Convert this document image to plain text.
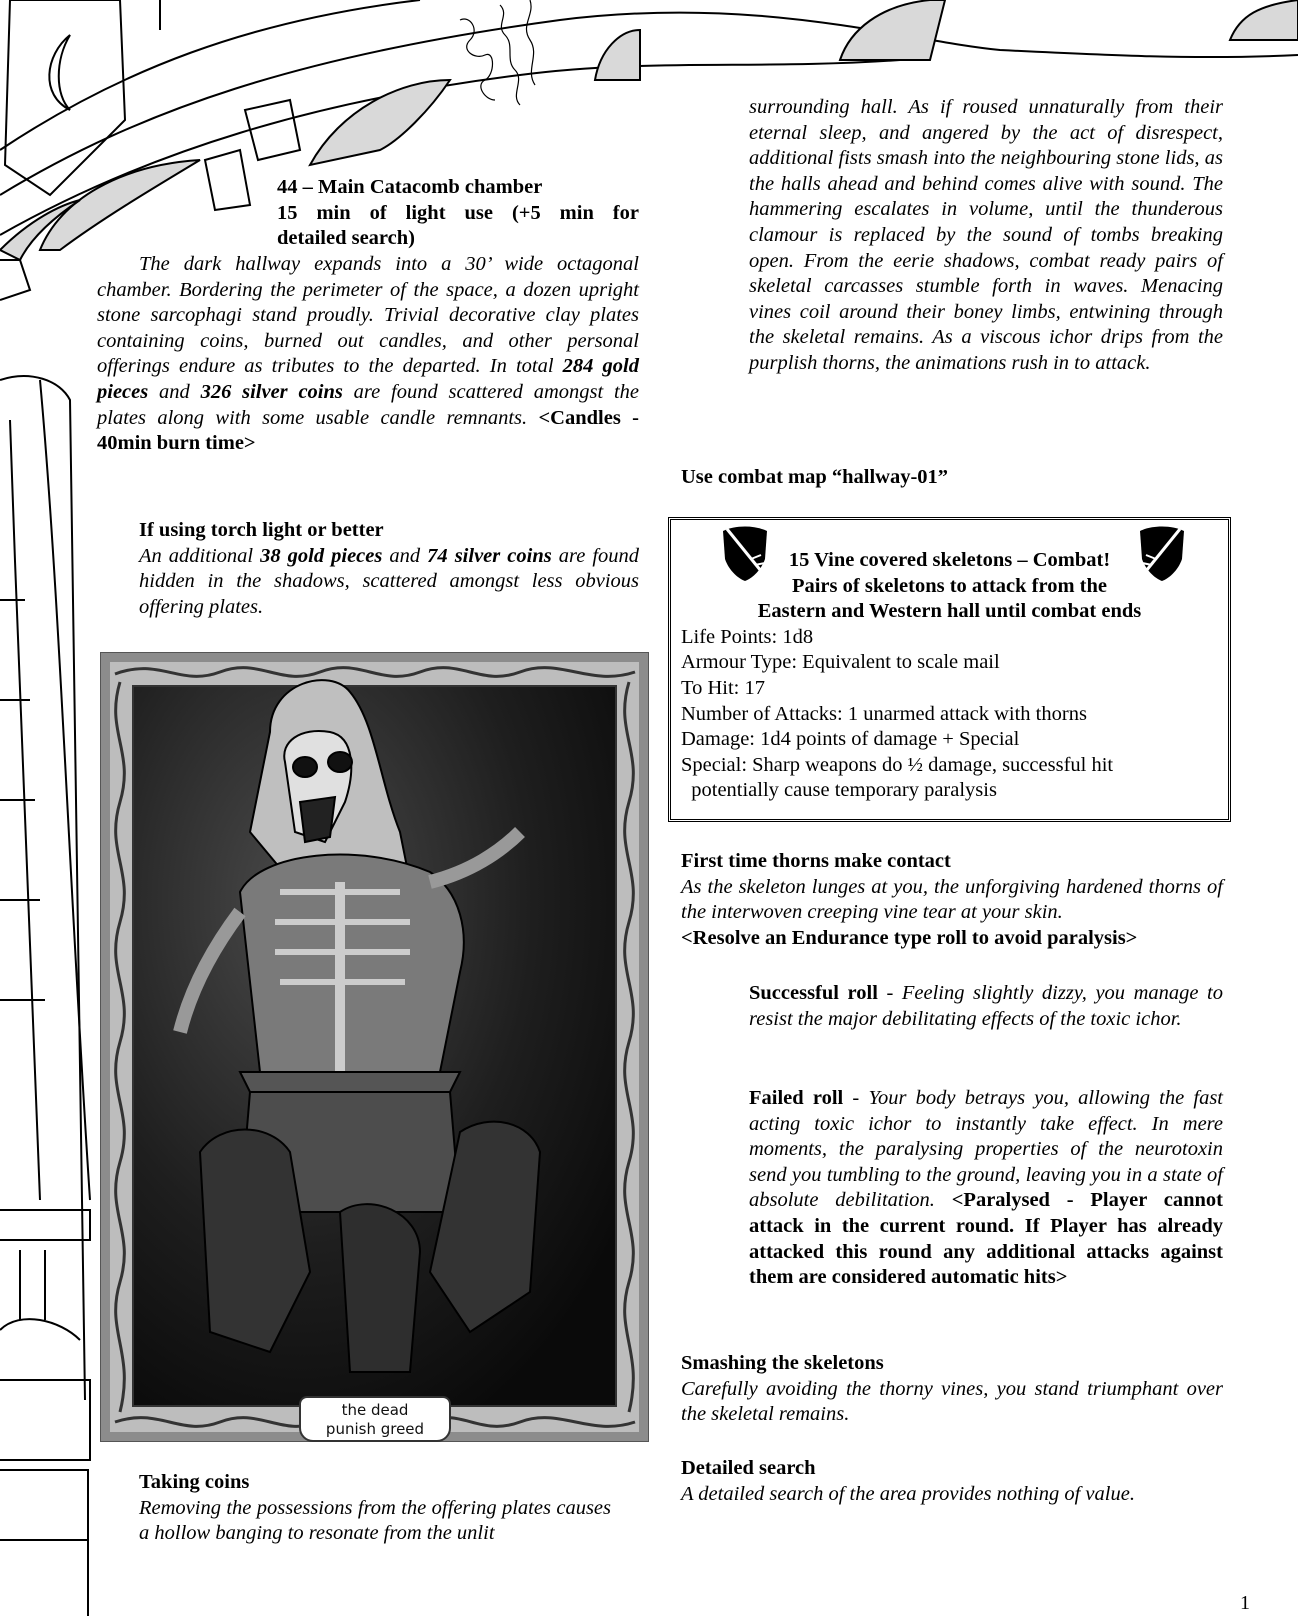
44 – Main Catacomb chamber

15 min of light use (+5 min for

detailed search)

The dark hallway expands into a 30’ wide octagonal chamber. Bordering the perimeter of the space, a dozen upright stone sarcophagi stand proudly. Trivial decorative clay plates containing coins, burned out candles, and other personal offerings endure as tributes to the departed. In total 284 gold pieces and 326 silver coins are found scattered amongst the plates along with some usable candle remnants. <Candles - 40min burn time>

If using torch light or better

An additional 38 gold pieces and 74 silver coins are found hidden in the shadows, scattered amongst less obvious offering plates.

the dead
punish greed

Taking coins

Removing the possessions from the offering plates causes a hollow banging to resonate from the unlit

surrounding hall. As if roused unnaturally from their eternal sleep, and angered by the act of disrespect, additional fists smash into the neighbouring stone lids, as the halls ahead and behind comes alive with sound. The hammering escalates in volume, until the thunderous clamour is replaced by the sound of tombs breaking open. From the eerie shadows, combat ready pairs of skeletal carcasses stumble forth in waves. Menacing vines coil around their boney limbs, entwining through the skeletal remains. As a viscous ichor drips from the purplish thorns, the animations rush in to attack.

Use combat map “hallway-01”

15 Vine covered skeletons – Combat!

Pairs of skeletons to attack from the

Eastern and Western hall until combat ends

Life Points: 1d8

Armour Type: Equivalent to scale mail

To Hit: 17

Number of Attacks: 1 unarmed attack with thorns

Damage: 1d4 points of damage + Special

Special: Sharp weapons do ½ damage, successful hit

potentially cause temporary paralysis

First time thorns make contact

As the skeleton lunges at you, the unforgiving hardened thorns of the interwoven creeping vine tear at your skin.

<Resolve an Endurance type roll to avoid paralysis>

Successful roll - Feeling slightly dizzy, you manage to resist the major debilitating effects of the toxic ichor.

Failed roll - Your body betrays you, allowing the fast acting toxic ichor to instantly take effect. In mere moments, the paralysing properties of the neurotoxin send you tumbling to the ground, leaving you in a state of absolute debilitation. <Paralysed - Player cannot attack in the current round. If Player has already attacked this round any additional attacks against them are considered automatic hits>

Smashing the skeletons

Carefully avoiding the thorny vines, you stand triumphant over the skeletal remains.

Detailed search

A detailed search of the area provides nothing of value.

1
